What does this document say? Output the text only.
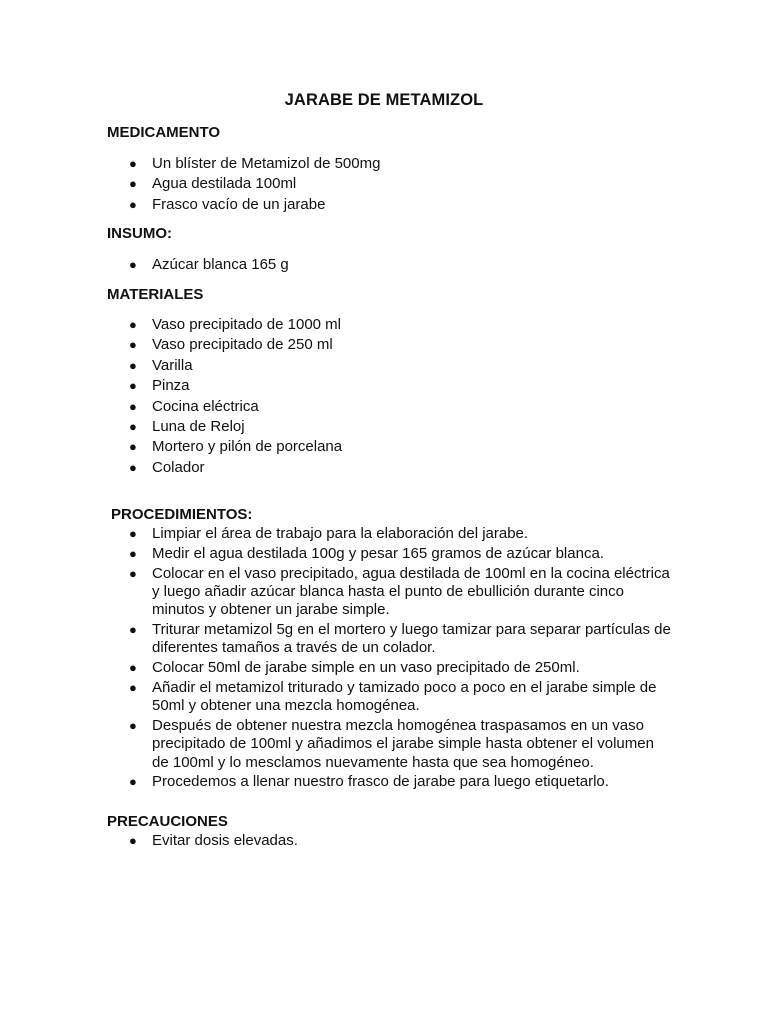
JARABE DE METAMIZOL
MEDICAMENTO
● Un blíster de Metamizol de 500mg
● Agua destilada 100ml
● Frasco vacío de un jarabe
INSUMO:
● Azúcar blanca 165 g
MATERIALES
● Vaso precipitado de 1000 ml
● Vaso precipitado de 250 ml
● Varilla
● Pinza
● Cocina eléctrica
● Luna de Reloj
● Mortero y pilón de porcelana
● Colador
PROCEDIMIENTOS:
● Limpiar el área de trabajo para la elaboración del jarabe.
● Medir el agua destilada 100g y pesar 165 gramos de azúcar blanca.
● Colocar en el vaso precipitado, agua destilada de 100ml en la cocina eléctrica y luego añadir azúcar blanca hasta el punto de ebullición durante cinco minutos y obtener un jarabe simple.
● Triturar metamizol 5g en el mortero y luego tamizar para separar partículas de diferentes tamaños a través de un colador.
● Colocar 50ml de jarabe simple en un vaso precipitado de 250ml.
● Añadir el metamizol triturado y tamizado poco a poco en el jarabe simple de 50ml y obtener una mezcla homogénea.
● Después de obtener nuestra mezcla homogénea traspasamos en un vaso precipitado de 100ml y añadimos el jarabe simple hasta obtener el volumen de 100ml y lo mesclamos nuevamente hasta que sea homogéneo.
● Procedemos a llenar nuestro frasco de jarabe para luego etiquetarlo.
PRECAUCIONES
● Evitar dosis elevadas.
